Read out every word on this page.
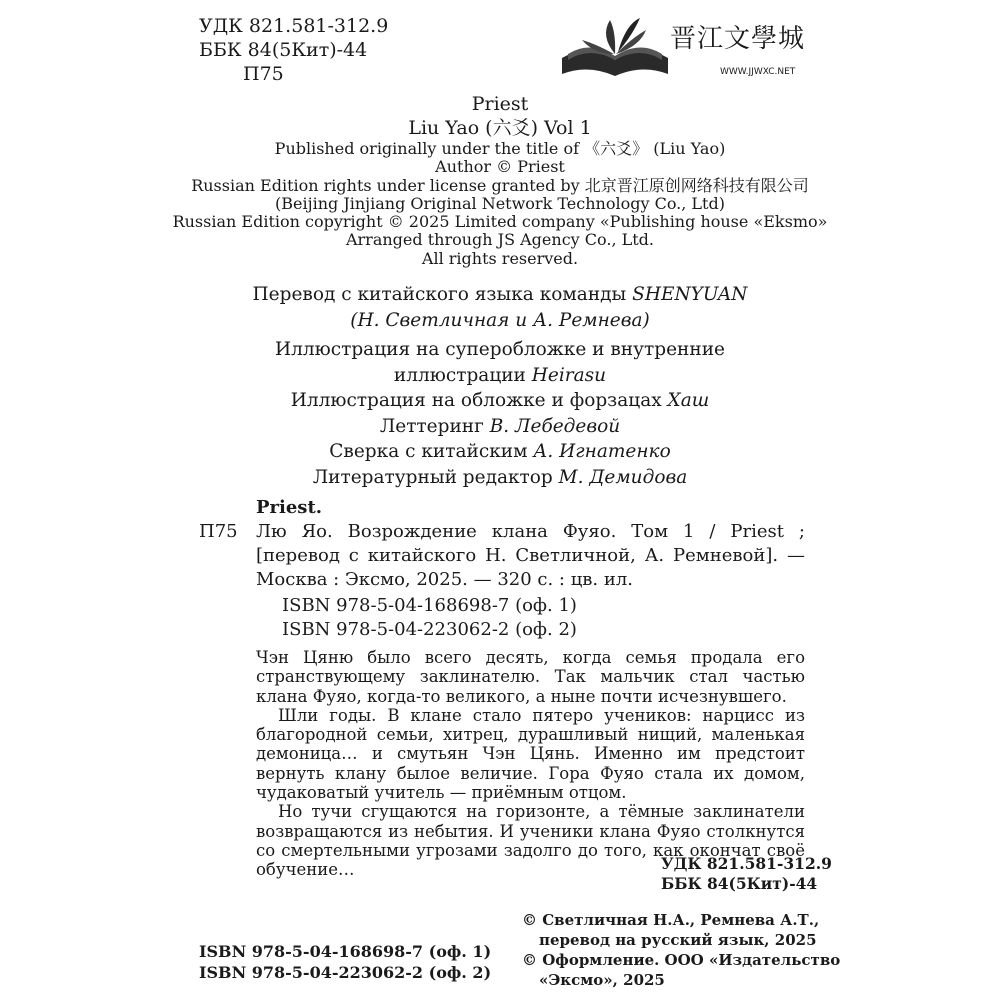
УДК 821.581-312.9
ББК 84(5Кит)-44
П75
晋江文學城
WWW.JJWXC.NET
Priest
Liu Yao (六爻) Vol 1
Published originally under the title of 《六爻》 (Liu Yao)
Author © Priest
Russian Edition rights under license granted by 北京晋江原创网络科技有限公司
(Beijing Jinjiang Original Network Technology Co., Ltd)
Russian Edition copyright © 2025 Limited company «Publishing house «Eksmo»
Arranged through JS Agency Co., Ltd.
All rights reserved.
Перевод с китайского языка команды SHENYUAN
(Н. Светличная и А. Ремнева)
Иллюстрация на суперобложке и внутренние
иллюстрации Heirasu
Иллюстрация на обложке и форзацах Хаш
Леттеринг В. Лебедевой
Сверка с китайским А. Игнатенко
Литературный редактор М. Демидова
Priest.
П75	Лю Яо. Возрождение клана Фуяо. Том 1 / Priest ; [перевод с китайского Н. Светличной, А. Ремневой]. — Москва : Эксмо, 2025. — 320 с. : цв. ил.
ISBN 978-5-04-168698-7 (оф. 1)
ISBN 978-5-04-223062-2 (оф. 2)

Чэн Цяню было всего десять, когда семья продала его странствующему заклинателю. Так мальчик стал частью клана Фуяо, когда-то великого, а ныне почти исчезнувшего.

Шли годы. В клане стало пятеро учеников: нарцисс из благородной семьи, хитрец, дурашливый нищий, маленькая демоница… и смутьян Чэн Цянь. Именно им предстоит вернуть клану былое величие. Гора Фуяо стала их домом, чудаковатый учитель — приёмным отцом.

Но тучи сгущаются на горизонте, а тёмные заклинатели возвращаются из небытия. И ученики клана Фуяо столкнутся со смертельными угрозами задолго до того, как окончат своё обучение…	УДК 821.581-312.9
ББК 84(5Кит)-44
ISBN 978-5-04-168698-7 (оф. 1)
ISBN 978-5-04-223062-2 (оф. 2)
© Светличная Н.А., Ремнева А.Т.,
перевод на русский язык, 2025
© Оформление. ООО «Издательство
«Эксмо», 2025
